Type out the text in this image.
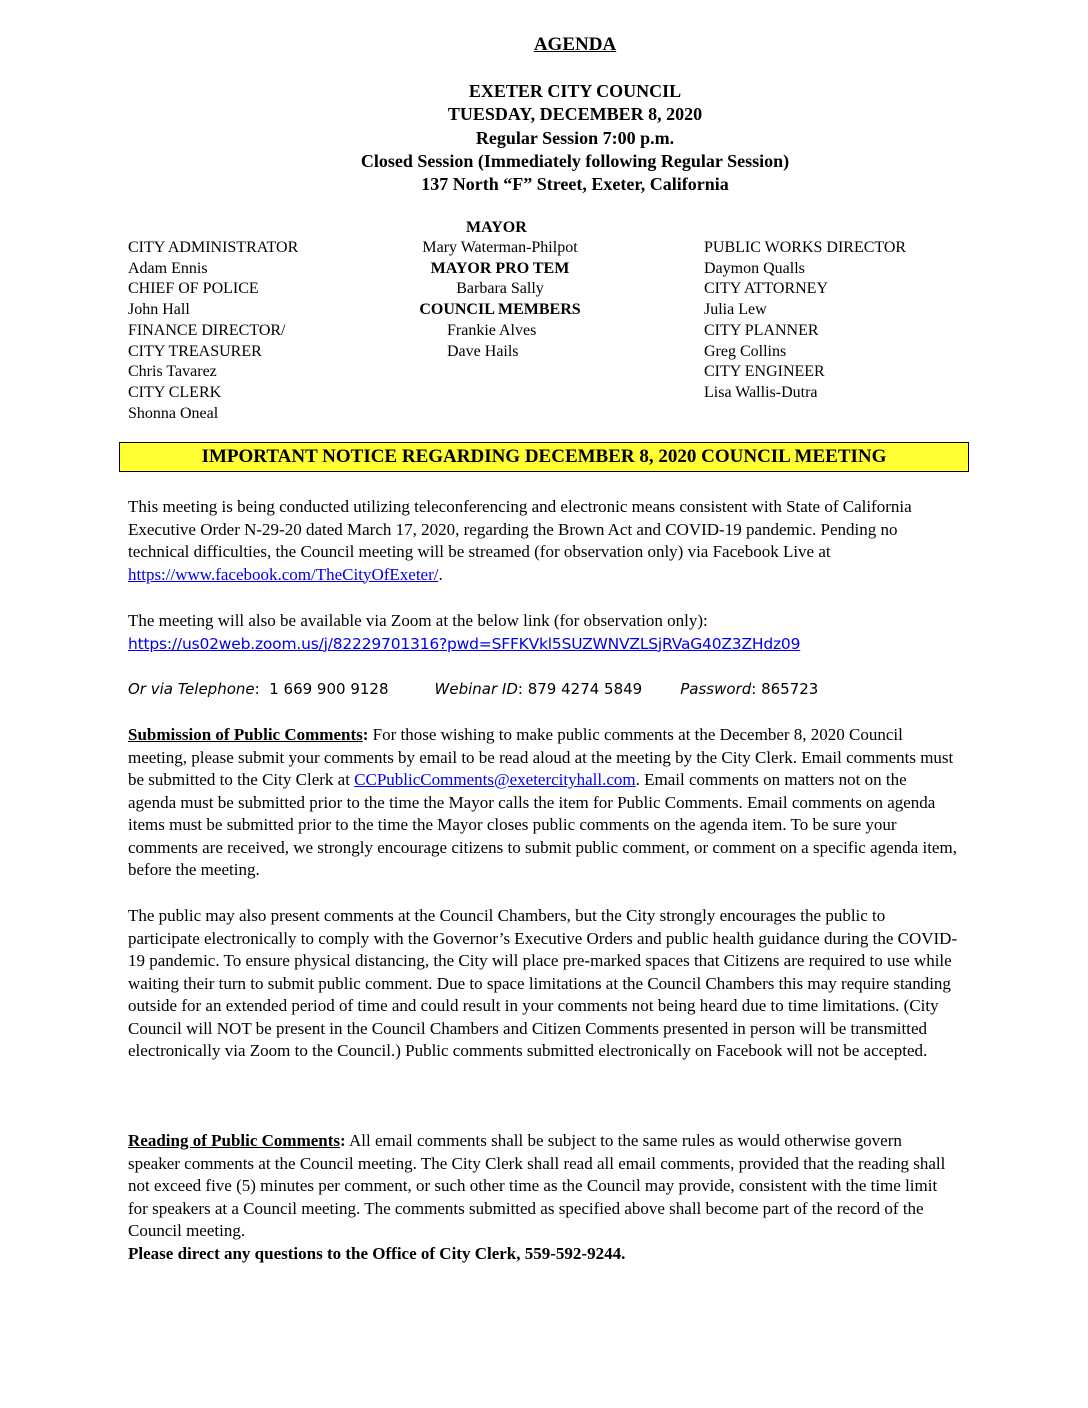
AGENDA
EXETER CITY COUNCIL
TUESDAY, DECEMBER 8, 2020
Regular Session 7:00 p.m.
Closed Session (Immediately following Regular Session)
137 North “F” Street, Exeter, California
MAYOR
CITY ADMINISTRATOR
Adam Ennis
CHIEF OF POLICE
John Hall
FINANCE DIRECTOR/
CITY TREASURER
Chris Tavarez
CITY CLERK
Shonna Oneal
Mary Waterman-Philpot
MAYOR PRO TEM
Barbara Sally
COUNCIL MEMBERS
Frankie Alves
Dave Hails
PUBLIC WORKS DIRECTOR
Daymon Qualls
CITY ATTORNEY
Julia Lew
CITY PLANNER
Greg Collins
CITY ENGINEER
Lisa Wallis-Dutra
IMPORTANT NOTICE REGARDING DECEMBER 8, 2020 COUNCIL MEETING
This meeting is being conducted utilizing teleconferencing and electronic means consistent with State of California Executive Order N-29-20 dated March 17, 2020, regarding the Brown Act and COVID-19 pandemic. Pending no technical difficulties, the Council meeting will be streamed (for observation only) via Facebook Live at https://www.facebook.com/TheCityOfExeter/.
The meeting will also be available via Zoom at the below link (for observation only):
https://us02web.zoom.us/j/82229701316?pwd=SFFKVkl5SUZWNVZLSjRVaG40Z3ZHdz09
Or via Telephone:  1 669 900 9128	Webinar ID: 879 4274 5849	Password: 865723
Submission of Public Comments: For those wishing to make public comments at the December 8, 2020 Council meeting, please submit your comments by email to be read aloud at the meeting by the City Clerk. Email comments must be submitted to the City Clerk at CCPublicComments@exetercityhall.com. Email comments on matters not on the agenda must be submitted prior to the time the Mayor calls the item for Public Comments. Email comments on agenda items must be submitted prior to the time the Mayor closes public comments on the agenda item. To be sure your comments are received, we strongly encourage citizens to submit public comment, or comment on a specific agenda item, before the meeting.
The public may also present comments at the Council Chambers, but the City strongly encourages the public to participate electronically to comply with the Governor’s Executive Orders and public health guidance during the COVID-19 pandemic. To ensure physical distancing, the City will place pre-marked spaces that Citizens are required to use while waiting their turn to submit public comment. Due to space limitations at the Council Chambers this may require standing outside for an extended period of time and could result in your comments not being heard due to time limitations. (City Council will NOT be present in the Council Chambers and Citizen Comments presented in person will be transmitted electronically via Zoom to the Council.) Public comments submitted electronically on Facebook will not be accepted.
Reading of Public Comments: All email comments shall be subject to the same rules as would otherwise govern speaker comments at the Council meeting. The City Clerk shall read all email comments, provided that the reading shall not exceed five (5) minutes per comment, or such other time as the Council may provide, consistent with the time limit for speakers at a Council meeting. The comments submitted as specified above shall become part of the record of the Council meeting.
Please direct any questions to the Office of City Clerk, 559-592-9244.
